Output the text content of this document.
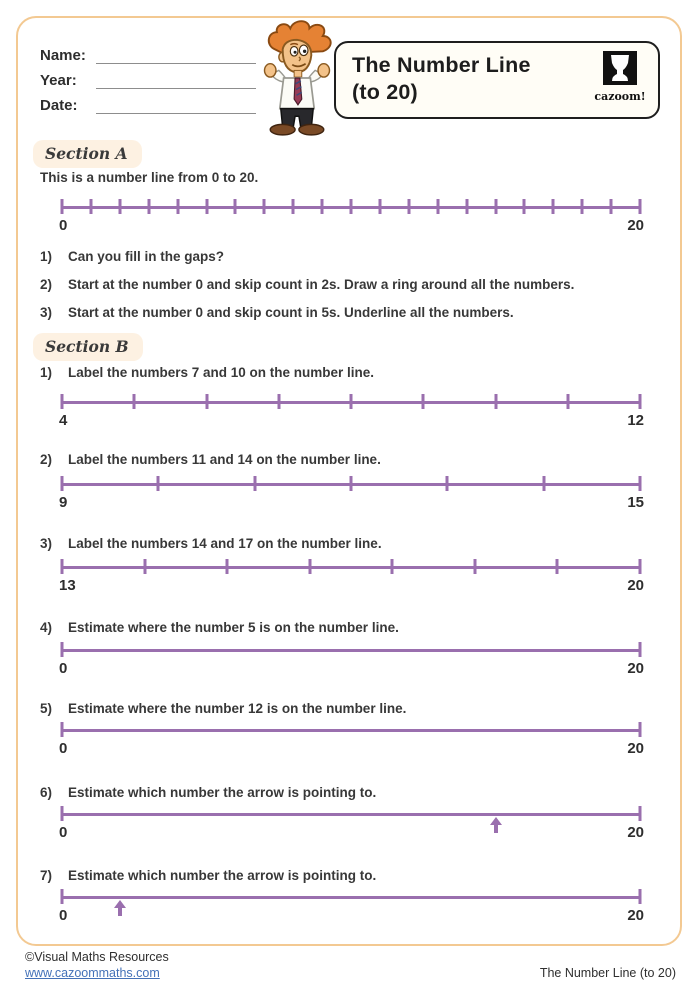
Name:
Year:
Date:
The Number Line
(to 20)	cazoom!
Section A
This is a number line from 0 to 20.
0	20
1)	Can you fill in the gaps?
2)	Start at the number 0 and skip count in 2s. Draw a ring around all the numbers.
3)	Start at the number 0 and skip count in 5s. Underline all the numbers.
Section B
1)	Label the numbers 7 and 10 on the number line.
4	12
2)	Label the numbers 11 and 14 on the number line.
9	15
3)	Label the numbers 14 and 17 on the number line.
13	20
4)	Estimate where the number 5 is on the number line.
0	20
5)	Estimate where the number 12 is on the number line.
0	20
6)	Estimate which number the arrow is pointing to.
0	20
7)	Estimate which number the arrow is pointing to.
0	20
©Visual Maths Resources
www.cazoommaths.com	The Number Line (to 20)
